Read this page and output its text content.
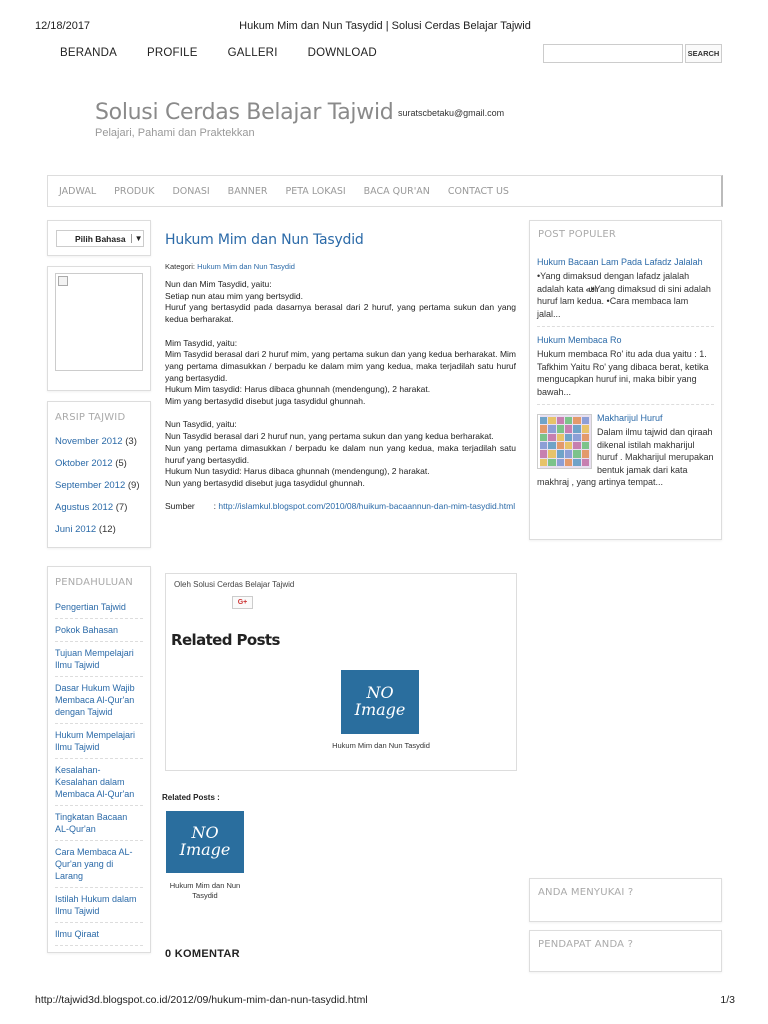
12/18/2017	Hukum Mim dan Nun Tasydid | Solusi Cerdas Belajar Tajwid
BERANDA	PROFILE	GALLERI	DOWNLOAD	SEARCH
Solusi Cerdas Belajar Tajwid
Pelajari, Pahami dan Praktekkan
suratscbetaku@gmail.com
JADWAL PRODUK DONASI BANNER PETA LOKASI BACA QUR'AN CONTACT US
Pilih Bahasa	▼
ARSIP TAJWID
November 2012 (3)
Oktober 2012 (5)
September 2012 (9)
Agustus 2012 (7)
Juni 2012 (12)
PENDAHULUAN
Pengertian Tajwid
Pokok Bahasan
Tujuan Mempelajari Ilmu Tajwid
Dasar Hukum Wajib Membaca Al-Qur'an dengan Tajwid
Hukum Mempelajari Ilmu Tajwid
Kesalahan-Kesalahan dalam Membaca Al-Qur'an
Tingkatan Bacaan AL-Qur'an
Cara Membaca AL-Qur'an yang di Larang
Istilah Hukum dalam Ilmu Tajwid
Ilmu Qiraat
Hukum Mim dan Nun Tasydid
Kategori: Hukum Mim dan Nun Tasydid

Nun dan Mim Tasydid, yaitu:
Setiap nun atau mim yang bertsydid.
Huruf yang bertasydid pada dasarnya berasal dari 2 huruf, yang pertama sukun dan yang kedua berharakat.

Mim Tasydid, yaitu:
Mim Tasydid berasal dari 2 huruf mim, yang pertama sukun dan yang kedua berharakat. Mim yang pertama dimasukkan / berpadu ke dalam mim yang kedua, maka terjadilah satu huruf yang bertasydid.
Hukum Mim tasydid: Harus dibaca ghunnah (mendengung), 2 harakat.
Mim yang bertasydid disebut juga tasydidul ghunnah.

Nun Tasydid, yaitu:
Nun Tasydid berasal dari 2 huruf nun, yang pertama sukun dan yang kedua berharakat.
Nun yang pertama dimasukkan / berpadu ke dalam nun yang kedua, maka terjadilah satu huruf yang bertasydid.
Hukum Nun tasydid: Harus dibaca ghunnah (mendengung), 2 harakat.
Nun yang bertasydid disebut juga tasydidul ghunnah.

Sumber        : http://islamkul.blogspot.com/2010/08/huikum-bacaannun-dan-mim-tasydid.html
Oleh Solusi Cerdas Belajar Tajwid
G+
Related Posts
NO
Image
Hukum Mim dan Nun Tasydid
Related Posts :
NO
Image
Hukum Mim dan Nun Tasydid
0 KOMENTAR
POST POPULER
Hukum Bacaan Lam Pada Lafadz Jalalah
•Yang dimaksud dengan lafadz jalalah adalah kata ﷲ•Yang dimaksud di sini adalah huruf lam kedua. •Cara membaca lam jalal...
Hukum Membaca Ro
Hukum membaca Ro' itu ada dua yaitu : 1. Tafkhim Yaitu Ro' yang dibaca berat, ketika mengucapkan huruf ini, maka bibir yang bawah...
Makharijul Huruf
Dalam ilmu tajwid dan qiraah dikenal istilah makharijul huruf . Makharijul merupakan bentuk jamak dari kata makhraj , yang artinya tempat...
ANDA MENYUKAI ?
PENDAPAT ANDA ?
http://tajwid3d.blogspot.co.id/2012/09/hukum-mim-dan-nun-tasydid.html	1/3
